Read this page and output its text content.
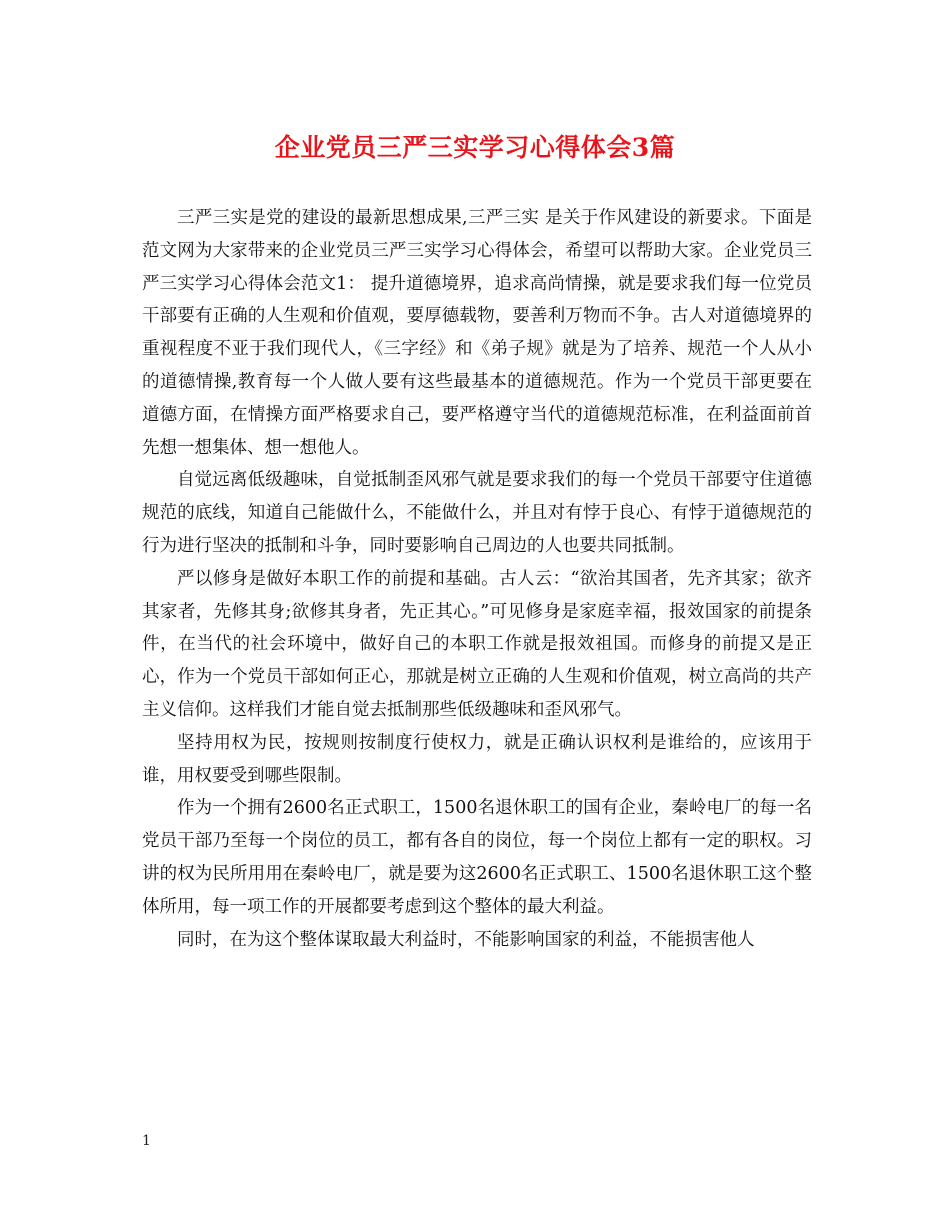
企业党员三严三实学习心得体会3篇

三严三实是党的建设的最新思想成果,三严三实 是关于作风建设的新要求。下面是范文网为大家带来的企业党员三严三实学习心得体会，希望可以帮助大家。企业党员三严三实学习心得体会范文1： 提升道德境界，追求高尚情操，就是要求我们每一位党员干部要有正确的人生观和价值观，要厚德载物，要善利万物而不争。古人对道德境界的重视程度不亚于我们现代人，《三字经》和《弟子规》就是为了培养、规范一个人从小的道德情操,教育每一个人做人要有这些最基本的道德规范。作为一个党员干部更要在道德方面，在情操方面严格要求自己，要严格遵守当代的道德规范标准，在利益面前首先想一想集体、想一想他人。

自觉远离低级趣味，自觉抵制歪风邪气就是要求我们的每一个党员干部要守住道德规范的底线，知道自己能做什么，不能做什么，并且对有悖于良心、有悖于道德规范的行为进行坚决的抵制和斗争，同时要影响自己周边的人也要共同抵制。

严以修身是做好本职工作的前提和基础。古人云：“欲治其国者，先齐其家；欲齐其家者，先修其身;欲修其身者，先正其心。”可见修身是家庭幸福，报效国家的前提条件，在当代的社会环境中，做好自己的本职工作就是报效祖国。而修身的前提又是正心，作为一个党员干部如何正心，那就是树立正确的人生观和价值观，树立高尚的共产主义信仰。这样我们才能自觉去抵制那些低级趣味和歪风邪气。

坚持用权为民，按规则按制度行使权力，就是正确认识权利是谁给的，应该用于谁，用权要受到哪些限制。

作为一个拥有2600名正式职工，1500名退休职工的国有企业，秦岭电厂的每一名党员干部乃至每一个岗位的员工，都有各自的岗位，每一个岗位上都有一定的职权。习讲的权为民所用用在秦岭电厂，就是要为这2600名正式职工、1500名退休职工这个整体所用，每一项工作的开展都要考虑到这个整体的最大利益。

同时，在为这个整体谋取最大利益时，不能影响国家的利益，不能损害他人

1
